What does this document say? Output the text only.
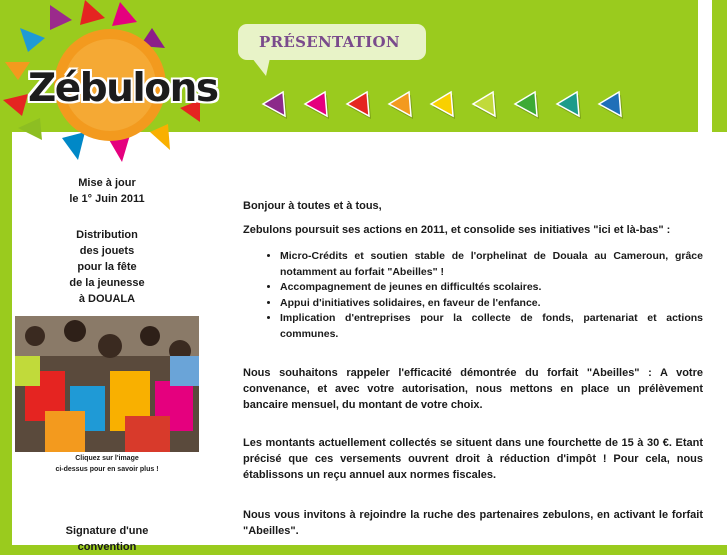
Zébulons
PRÉSENTATION
Mise à jour
le 1° Juin 2011
Distribution
des jouets
pour la fête
de la jeunesse
à DOUALA
Cliquez sur l'image
ci-dessus pour en savoir plus !
Signature d'une
convention

Bonjour à toutes et à tous,

Zebulons poursuit ses actions en 2011, et consolide ses initiatives "ici et là-bas" :

• Micro-Crédits et soutien stable de l'orphelinat de Douala au Cameroun, grâce notamment au forfait "Abeilles" !
• Accompagnement de jeunes en difficultés scolaires.
• Appui d'initiatives solidaires, en faveur de l'enfance.
• Implication d'entreprises pour la collecte de fonds, partenariat et actions communes.

Nous souhaitons rappeler l'efficacité démontrée du forfait "Abeilles" : A votre convenance, et avec votre autorisation, nous mettons en place un prélèvement bancaire mensuel, du montant de votre choix.

Les montants actuellement collectés se situent dans une fourchette de 15 à 30 €. Etant précisé que ces versements ouvrent droit à réduction d'impôt ! Pour cela, nous établissons un reçu annuel aux normes fiscales.

Nous vous invitons à rejoindre la ruche des partenaires zebulons, en activant le forfait "Abeilles".
